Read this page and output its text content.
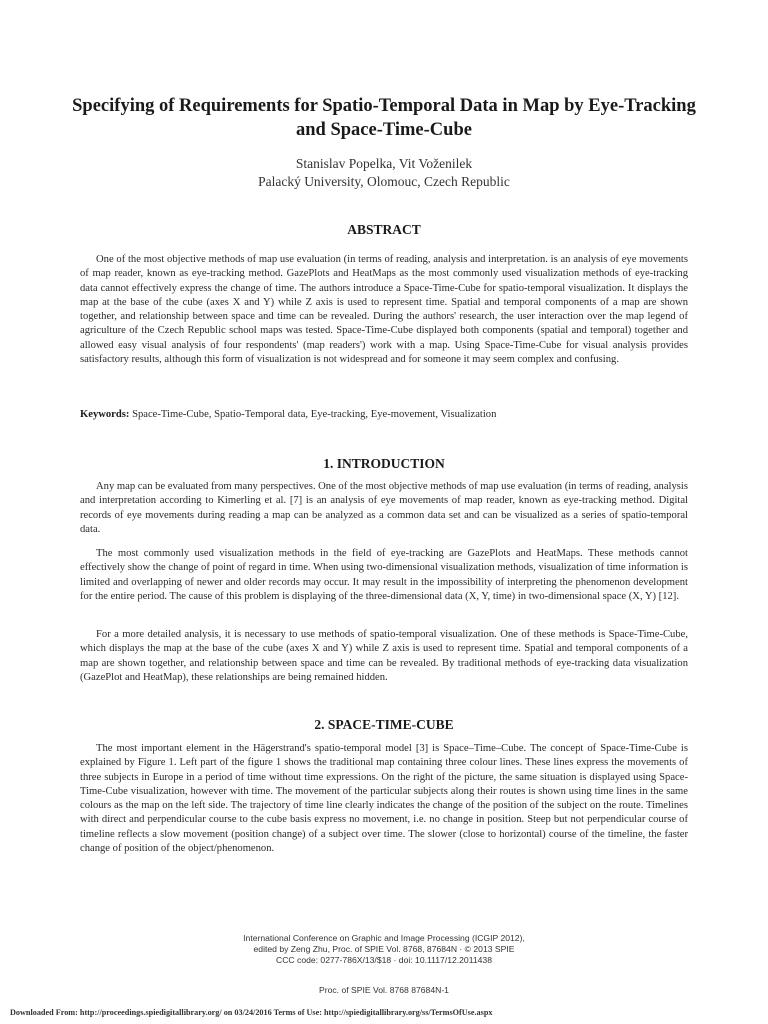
Specifying of Requirements for Spatio-Temporal Data in Map by Eye-Tracking and Space-Time-Cube
Stanislav Popelka, Vit Voženilek
Palacký University, Olomouc, Czech Republic
ABSTRACT
One of the most objective methods of map use evaluation (in terms of reading, analysis and interpretation. is an analysis of eye movements of map reader, known as eye-tracking method. GazePlots and HeatMaps as the most commonly used visualization methods of eye-tracking data cannot effectively express the change of time. The authors introduce a Space-Time-Cube for spatio-temporal visualization. It displays the map at the base of the cube (axes X and Y) while Z axis is used to represent time. Spatial and temporal components of a map are shown together, and relationship between space and time can be revealed. During the authors' research, the user interaction over the map legend of agriculture of the Czech Republic school maps was tested. Space-Time-Cube displayed both components (spatial and temporal) together and allowed easy visual analysis of four respondents' (map readers') work with a map. Using Space-Time-Cube for visual analysis provides satisfactory results, although this form of visualization is not widespread and for someone it may seem complex and confusing.
Keywords: Space-Time-Cube, Spatio-Temporal data, Eye-tracking, Eye-movement, Visualization
1. INTRODUCTION
Any map can be evaluated from many perspectives. One of the most objective methods of map use evaluation (in terms of reading, analysis and interpretation according to Kimerling et al. [7] is an analysis of eye movements of map reader, known as eye-tracking method. Digital records of eye movements during reading a map can be analyzed as a common data set and can be visualized as a series of spatio-temporal data.
The most commonly used visualization methods in the field of eye-tracking are GazePlots and HeatMaps. These methods cannot effectively show the change of point of regard in time. When using two-dimensional visualization methods, visualization of time information is limited and overlapping of newer and older records may occur. It may result in the impossibility of interpreting the phenomenon development for the entire period. The cause of this problem is displaying of the three-dimensional data (X, Y, time) in two-dimensional space (X, Y) [12].
For a more detailed analysis, it is necessary to use methods of spatio-temporal visualization. One of these methods is Space-Time-Cube, which displays the map at the base of the cube (axes X and Y) while Z axis is used to represent time. Spatial and temporal components of a map are shown together, and relationship between space and time can be revealed. By traditional methods of eye-tracking data visualization (GazePlot and HeatMap), these relationships are being remained hidden.
2. SPACE-TIME-CUBE
The most important element in the Hägerstrand's spatio-temporal model [3] is Space–Time–Cube. The concept of Space-Time-Cube is explained by Figure 1. Left part of the figure 1 shows the traditional map containing three colour lines. These lines express the movements of three subjects in Europe in a period of time without time expressions. On the right of the picture, the same situation is displayed using Space-Time-Cube visualization, however with time. The movement of the particular subjects along their routes is shown using time lines in the same colours as the map on the left side. The trajectory of time line clearly indicates the change of the position of the subject on the route. Timelines with direct and perpendicular course to the cube basis express no movement, i.e. no change in position. Steep but not perpendicular course of timeline reflects a slow movement (position change) of a subject over time. The slower (close to horizontal) course of the timeline, the faster change of position of the object/phenomenon.
International Conference on Graphic and Image Processing (ICGIP 2012),
edited by Zeng Zhu, Proc. of SPIE Vol. 8768, 87684N · © 2013 SPIE
CCC code: 0277-786X/13/$18 · doi: 10.1117/12.2011438
Proc. of SPIE Vol. 8768 87684N-1
Downloaded From: http://proceedings.spiedigitallibrary.org/ on 03/24/2016 Terms of Use: http://spiedigitallibrary.org/ss/TermsOfUse.aspx
